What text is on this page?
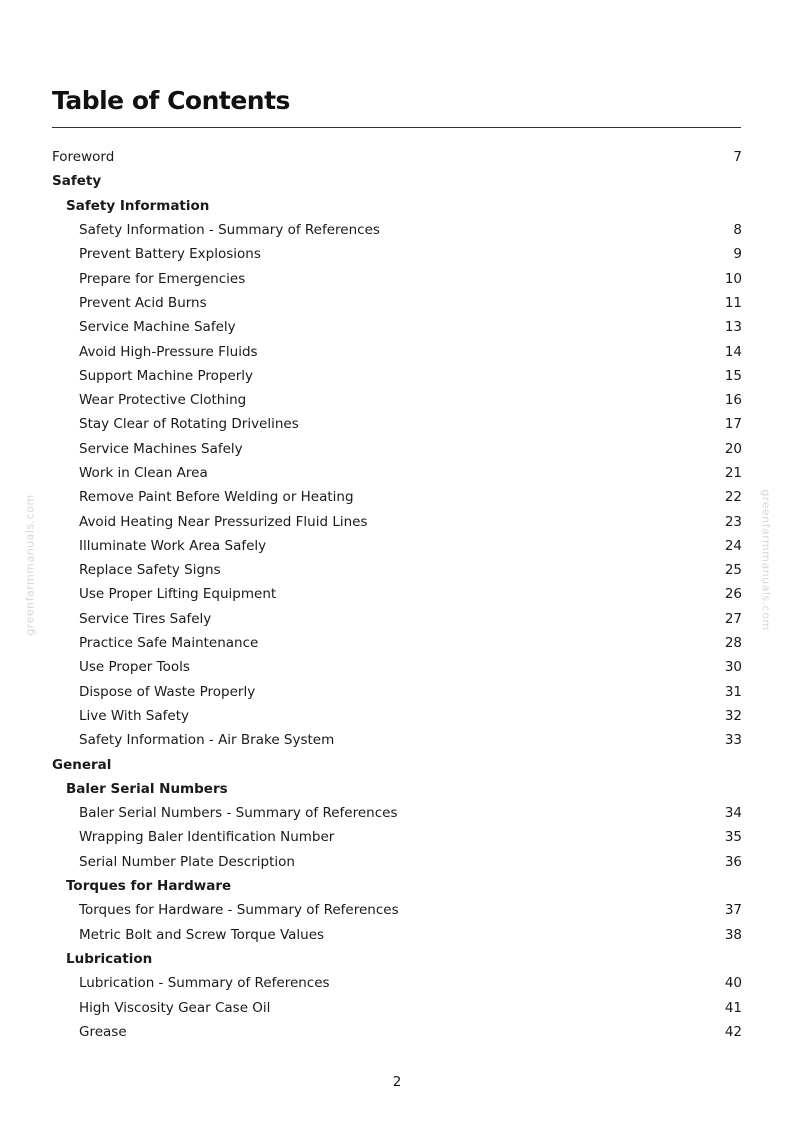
Table of Contents
Foreword	7
Safety
Safety Information
Safety Information - Summary of References	8
Prevent Battery Explosions	9
Prepare for Emergencies	10
Prevent Acid Burns	11
Service Machine Safely	13
Avoid High-Pressure Fluids	14
Support Machine Properly	15
Wear Protective Clothing	16
Stay Clear of Rotating Drivelines	17
Service Machines Safely	20
Work in Clean Area	21
Remove Paint Before Welding or Heating	22
Avoid Heating Near Pressurized Fluid Lines	23
Illuminate Work Area Safely	24
Replace Safety Signs	25
Use Proper Lifting Equipment	26
Service Tires Safely	27
Practice Safe Maintenance	28
Use Proper Tools	30
Dispose of Waste Properly	31
Live With Safety	32
Safety Information - Air Brake System	33
General
Baler Serial Numbers
Baler Serial Numbers - Summary of References	34
Wrapping Baler Identification Number	35
Serial Number Plate Description	36
Torques for Hardware
Torques for Hardware - Summary of References	37
Metric Bolt and Screw Torque Values	38
Lubrication
Lubrication - Summary of References	40
High Viscosity Gear Case Oil	41
Grease	42
2
greenfarmmanuals.com	greenfarmmanuals.com
